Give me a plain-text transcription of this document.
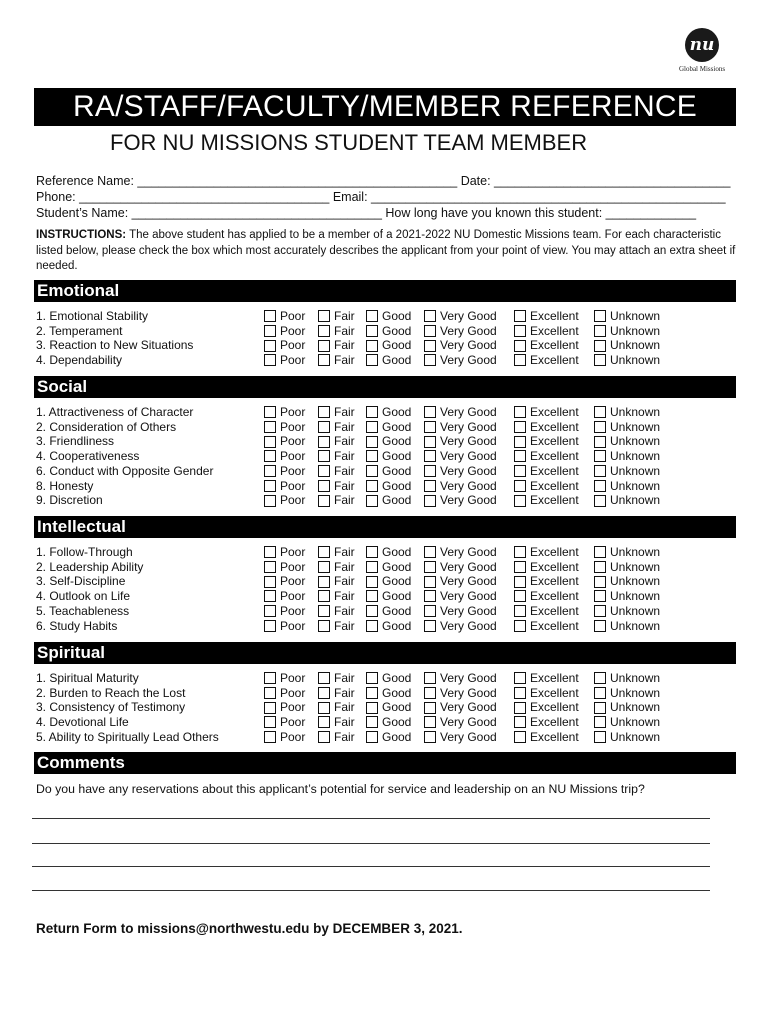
nu
Global Missions
RA/STAFF/FACULTY/MEMBER REFERENCE
FOR NU MISSIONS STUDENT TEAM MEMBER
Reference Name: ______________________________________________ Date: __________________________________
Phone: ____________________________________ Email: ___________________________________________________
Student’s Name: ____________________________________ How long have you known this student: _____________
INSTRUCTIONS: The above student has applied to be a member of a 2021-2022 NU Domestic Missions team. For each characteristic listed below, please check the box which most accurately describes the applicant from your point of view. You may attach an extra sheet if needed.
Emotional
1. Emotional Stability	Poor Fair Good Very Good	Excellent	Unknown
2. Temperament	Poor Fair Good Very Good	Excellent	Unknown
3. Reaction to New Situations	Poor Fair Good Very Good	Excellent	Unknown
4. Dependability	Poor Fair Good Very Good	Excellent	Unknown
Social
1. Attractiveness of Character	Poor Fair Good Very Good	Excellent	Unknown
2. Consideration of Others	Poor Fair Good Very Good	Excellent	Unknown
3. Friendliness	Poor Fair Good Very Good	Excellent	Unknown
4. Cooperativeness	Poor Fair Good Very Good	Excellent	Unknown
6. Conduct with Opposite Gender	Poor Fair Good Very Good	Excellent	Unknown
8. Honesty	Poor Fair Good Very Good	Excellent	Unknown
9. Discretion	Poor Fair Good Very Good	Excellent	Unknown
Intellectual
1. Follow-Through	Poor Fair Good Very Good	Excellent	Unknown
2. Leadership Ability	Poor Fair Good Very Good	Excellent	Unknown
3. Self-Discipline	Poor Fair Good Very Good	Excellent	Unknown
4. Outlook on Life	Poor Fair Good Very Good	Excellent	Unknown
5. Teachableness	Poor Fair Good Very Good	Excellent	Unknown
6. Study Habits	Poor Fair Good Very Good	Excellent	Unknown
Spiritual
1. Spiritual Maturity	Poor Fair Good Very Good	Excellent	Unknown
2. Burden to Reach the Lost	Poor Fair Good Very Good	Excellent	Unknown
3. Consistency of Testimony	Poor Fair Good Very Good	Excellent	Unknown
4. Devotional Life	Poor Fair Good Very Good	Excellent	Unknown
5. Ability to Spiritually Lead Others	Poor Fair Good Very Good	Excellent	Unknown
Comments
Do you have any reservations about this applicant’s potential for service and leadership on an NU Missions trip?
Return Form to missions@northwestu.edu by DECEMBER 3, 2021.
